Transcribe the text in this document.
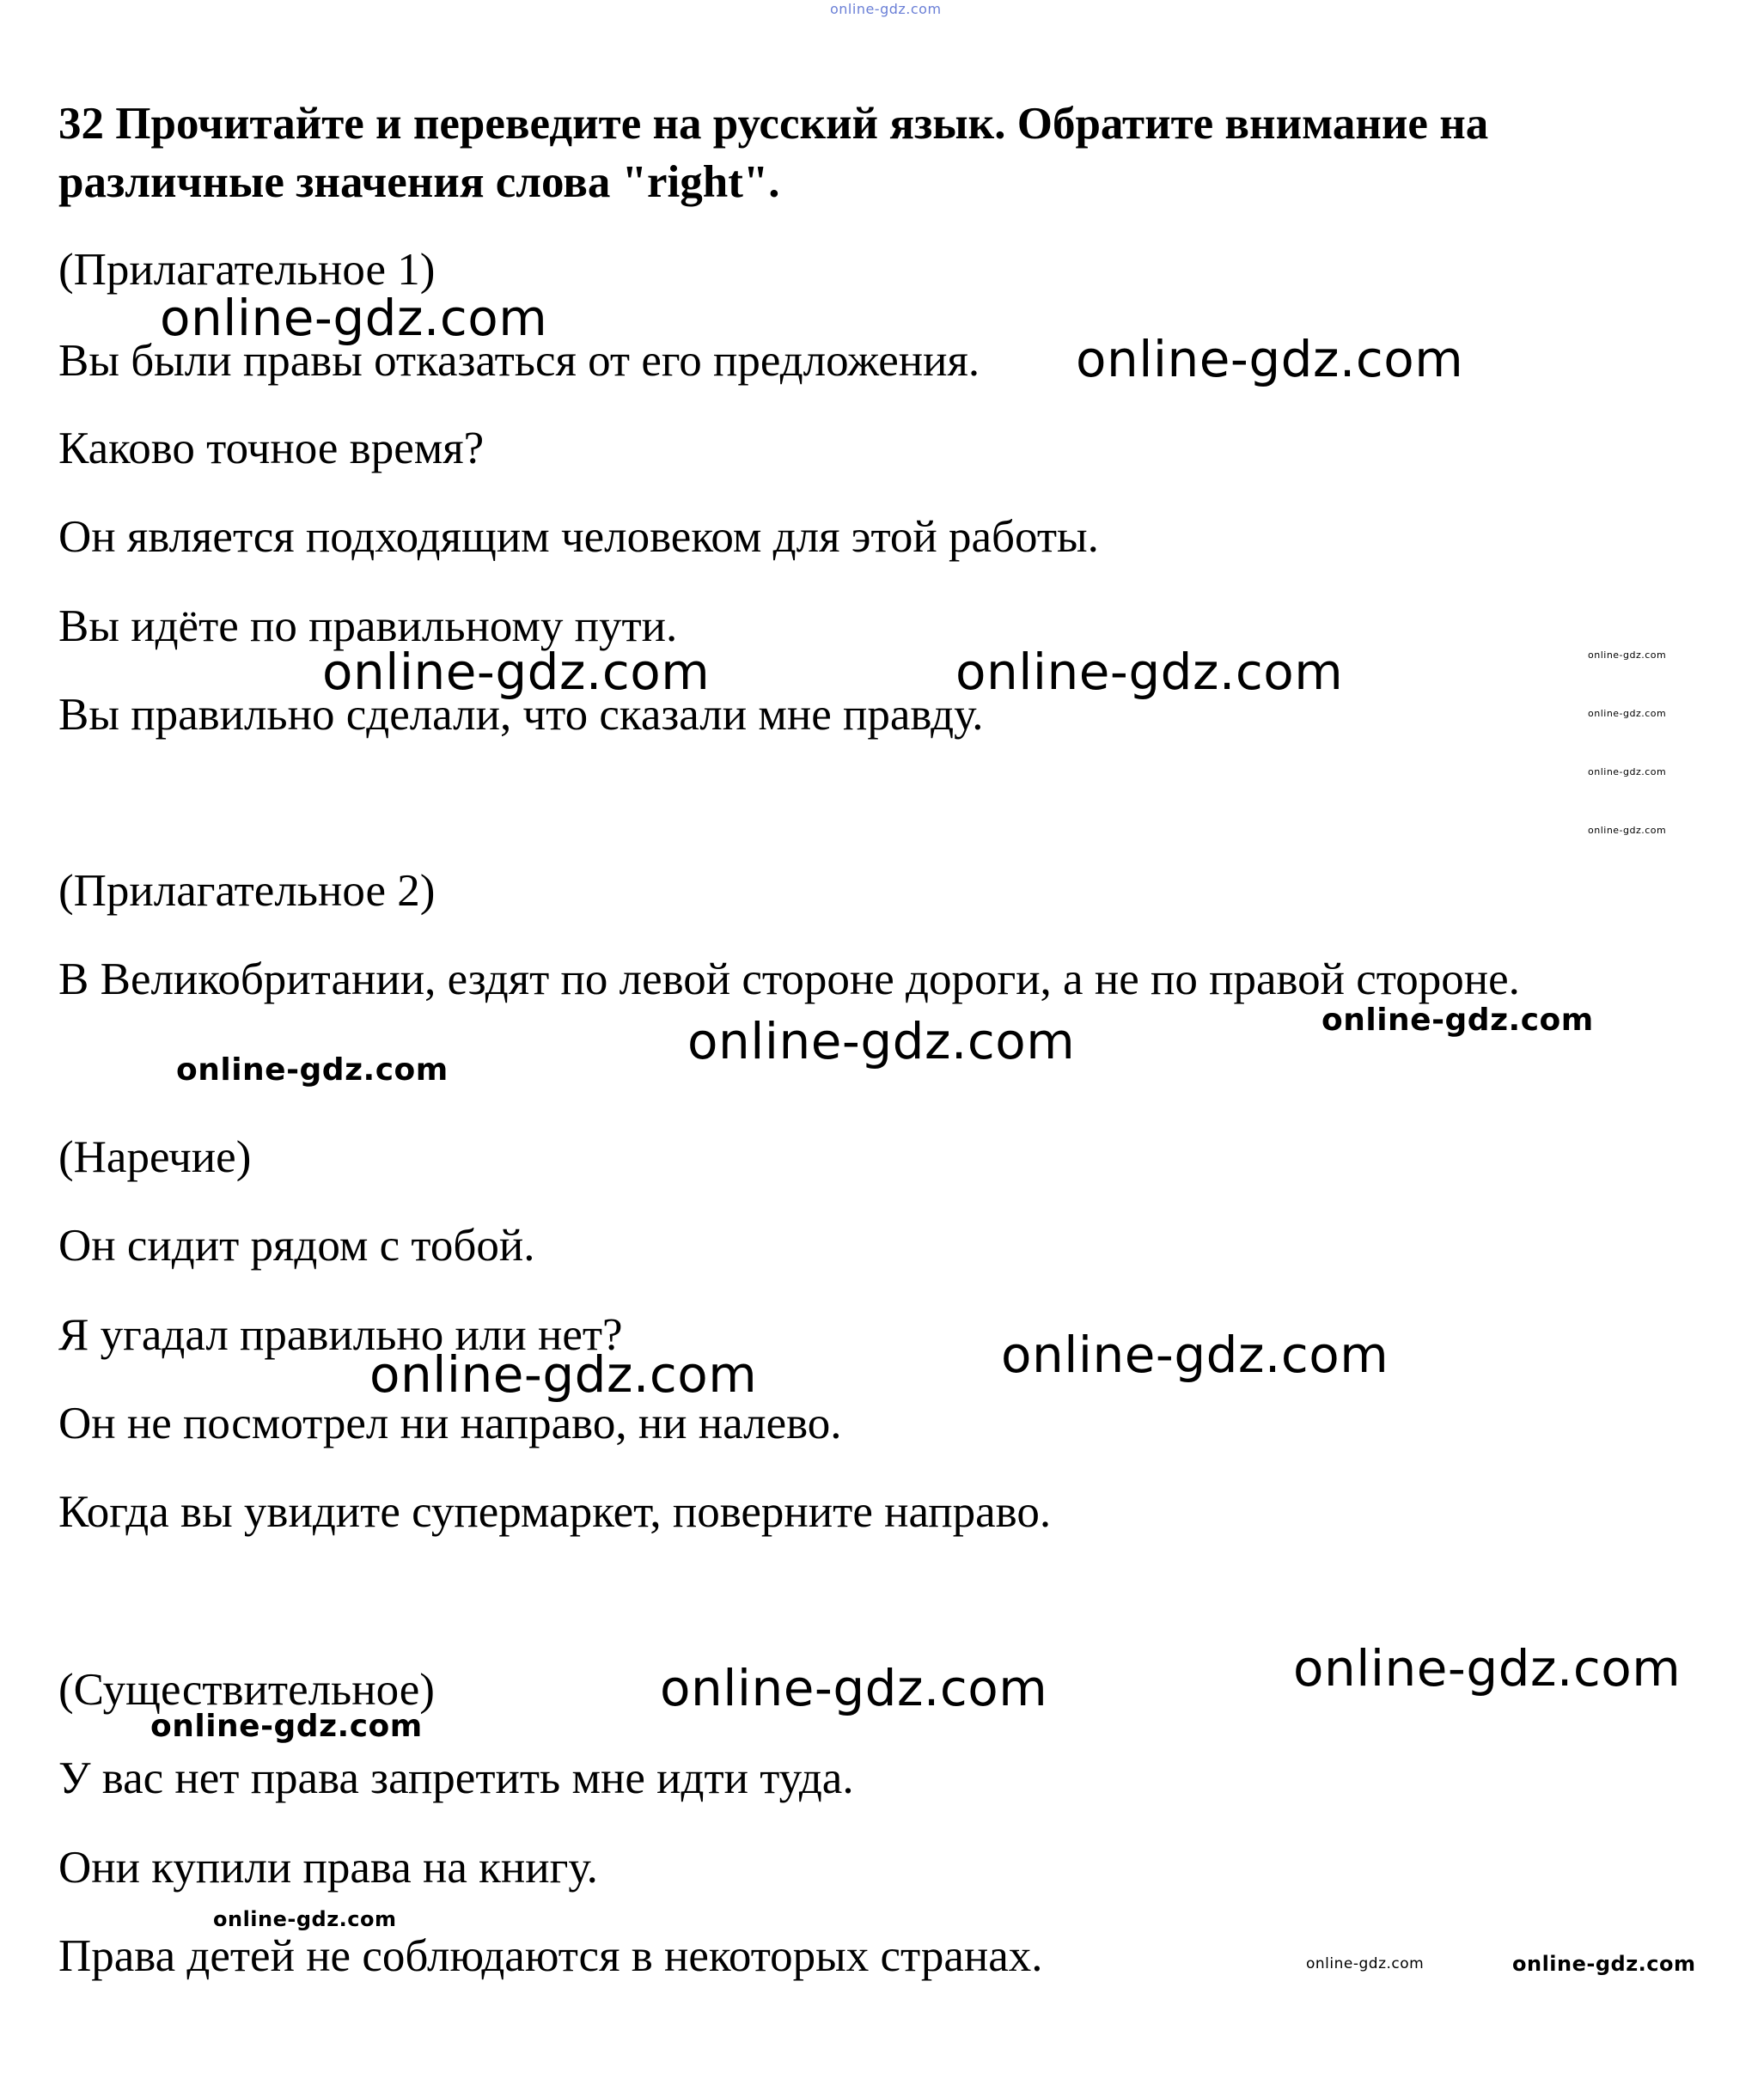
online-gdz.com
32 Прочитайте и переведите на русский язык. Обратите внимание на различные значения слова "right".

(Прилагательное 1)

Вы были правы отказаться от его предложения.

Каково точное время?

Он является подходящим человеком для этой работы.

Вы идёте по правильному пути.

Вы правильно сделали, что сказали мне правду.

(Прилагательное 2)

В Великобритании, ездят по левой стороне дороги, а не по правой стороне.

(Наречие)

Он сидит рядом с тобой.

Я угадал правильно или нет?

Он не посмотрел ни направо, ни налево.

Когда вы увидите супермаркет, поверните направо.

(Существительное)

У вас нет права запретить мне идти туда.

Они купили права на книгу.

Права детей не соблюдаются в некоторых странах.

online-gdz.com
online-gdz.com
online-gdz.com	online-gdz.com	online-gdz.com
online-gdz.com
online-gdz.com
online-gdz.com
online-gdz.com	online-gdz.com
online-gdz.com
online-gdz.com
online-gdz.com
online-gdz.com
online-gdz.com
online-gdz.com
online-gdz.com
online-gdz.com
online-gdz.com
